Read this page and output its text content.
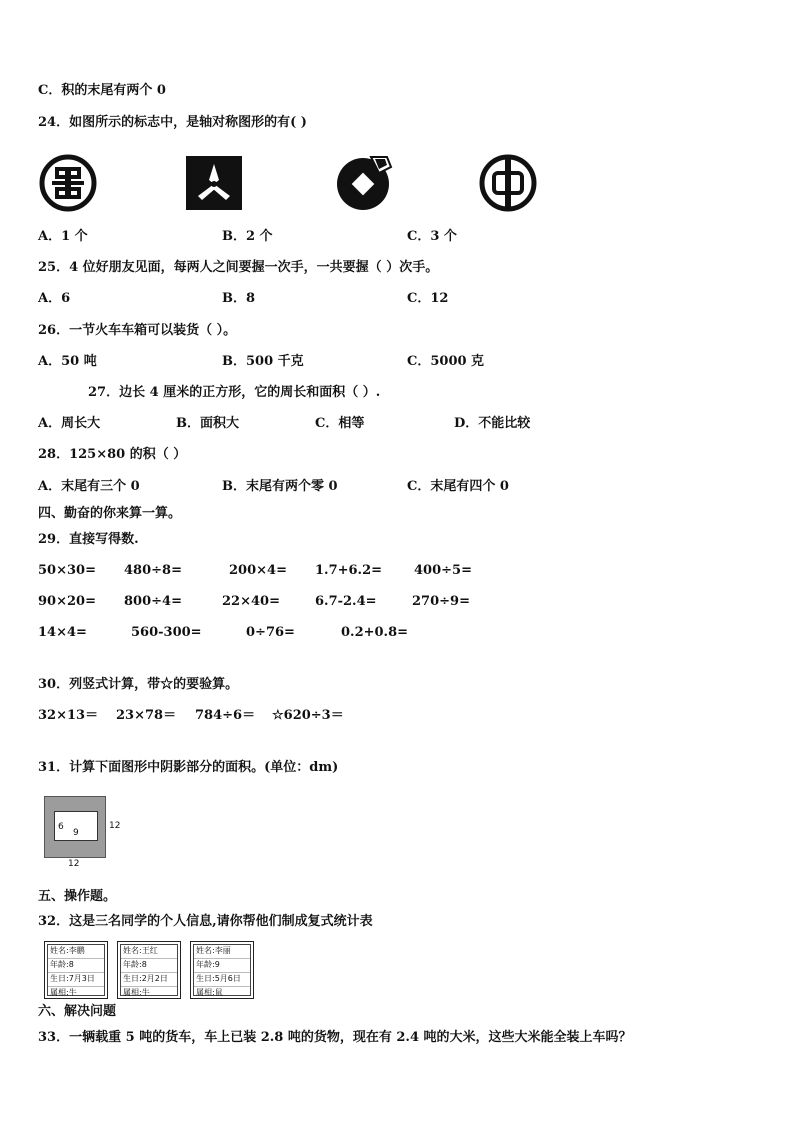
C．积的末尾有两个 0
24．如图所示的标志中，是轴对称图形的有( )
A．1 个	B．2 个	C．3 个
25．4 位好朋友见面，每两人之间要握一次手，一共要握（ ）次手。
A．6	B．8	C．12
26．一节火车车箱可以装货（ ）。
A．50 吨	B．500 千克	C．5000 克
27．边长 4 厘米的正方形，它的周长和面积（ ）.
A．周长大	B．面积大	C．相等	D．不能比较
28．125×80 的积（ ）
A．末尾有三个 0	B．末尾有两个零 0	C．末尾有四个 0
四、勤奋的你来算一算。
29．直接写得数.
50×30= 480÷8=	200×4= 1.7+6.2= 400÷5=
90×20= 800÷4=	22×40=	6.7-2.4=	270÷9=
14×4=	560-300=	0÷76=	0.2+0.8=
30．列竖式计算，带☆的要验算。
32×13＝ 23×78＝ 784÷6＝ ☆620÷3＝
31．计算下面图形中阴影部分的面积。(单位：dm)
6
9
12
12
五、操作题。
32．这是三名同学的个人信息,请你帮他们制成复式统计表
姓名:李鹏
年龄:8
生日:7月3日
属相:牛
姓名:王红
年龄:8
生日:2月2日
属相:牛
姓名:李丽
年龄:9
生日:5月6日
属相:鼠
六、解决问题
33．一辆载重 5 吨的货车，车上已装 2.8 吨的货物，现在有 2.4 吨的大米，这些大米能全装上车吗？
